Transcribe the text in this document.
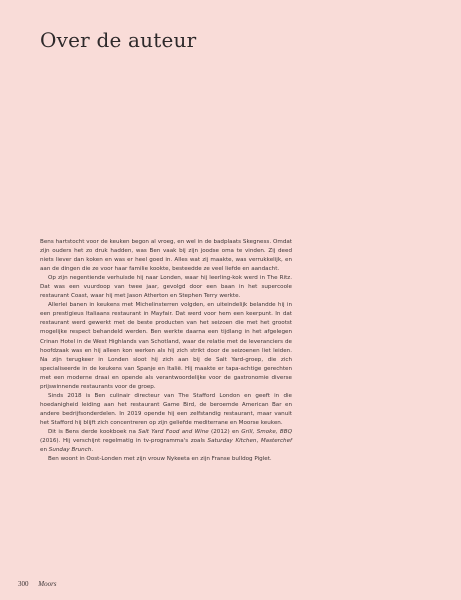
Over de auteur

Bens hartstocht voor de keuken begon al vroeg, en wel in de badplaats Skegness. Omdat zijn ouders het zo druk hadden, was Ben vaak bij zijn joodse oma te vinden. Zij deed niets liever dan koken en was er heel goed in. Alles wat zij maakte, was verrukkelijk, en aan de dingen die ze voor haar familie kookte, besteedde ze veel liefde en aandacht.

Op zijn negentiende verhuisde hij naar Londen, waar hij leerling-kok werd in The Ritz. Dat was een vuurdoop van twee jaar, gevolgd door een baan in het supercoole restaurant Coast, waar hij met Jason Atherton en Stephen Terry werkte.

Allerlei banen in keukens met Michelinsterren volgden, en uiteindelijk belandde hij in een prestigieus Italiaans restaurant in Mayfair. Dat werd voor hem een keerpunt. In dat restaurant werd gewerkt met de beste producten van het seizoen die met het grootst mogelijke respect behandeld werden. Ben werkte daarna een tijdlang in het afgelegen Crinan Hotel in de West Highlands van Schotland, waar de relatie met de leveranciers de hoofdzaak was en hij alleen kon werken als hij zich strikt door de seizoenen liet leiden. Na zijn terugkeer in Londen sloot hij zich aan bij de Salt Yard-groep, die zich specialiseerde in de keukens van Spanje en Italië. Hij maakte er tapa-achtige gerechten met een moderne draai en opende als verantwoordelijke voor de gastronomie diverse prijswinnende restaurants voor de groep.

Sinds 2018 is Ben culinair directeur van The Stafford London en geeft in die hoedanigheid leiding aan het restaurant Game Bird, de beroemde American Bar en andere bedrijfsonderdelen. In 2019 opende hij een zelfstandig restaurant, maar vanuit het Stafford hij blijft zich concentreren op zijn geliefde mediterrane en Moorse keuken.

Dit is Bens derde kookboek na Salt Yard Food and Wine (2012) en Grill, Smoke, BBQ (2016). Hij verschijnt regelmatig in tv-programma's zoals Saturday Kitchen, Masterchef en Sunday Brunch.

Ben woont in Oost-Londen met zijn vrouw Nykeeta en zijn Franse bulldog Piglet.

300 Moors
